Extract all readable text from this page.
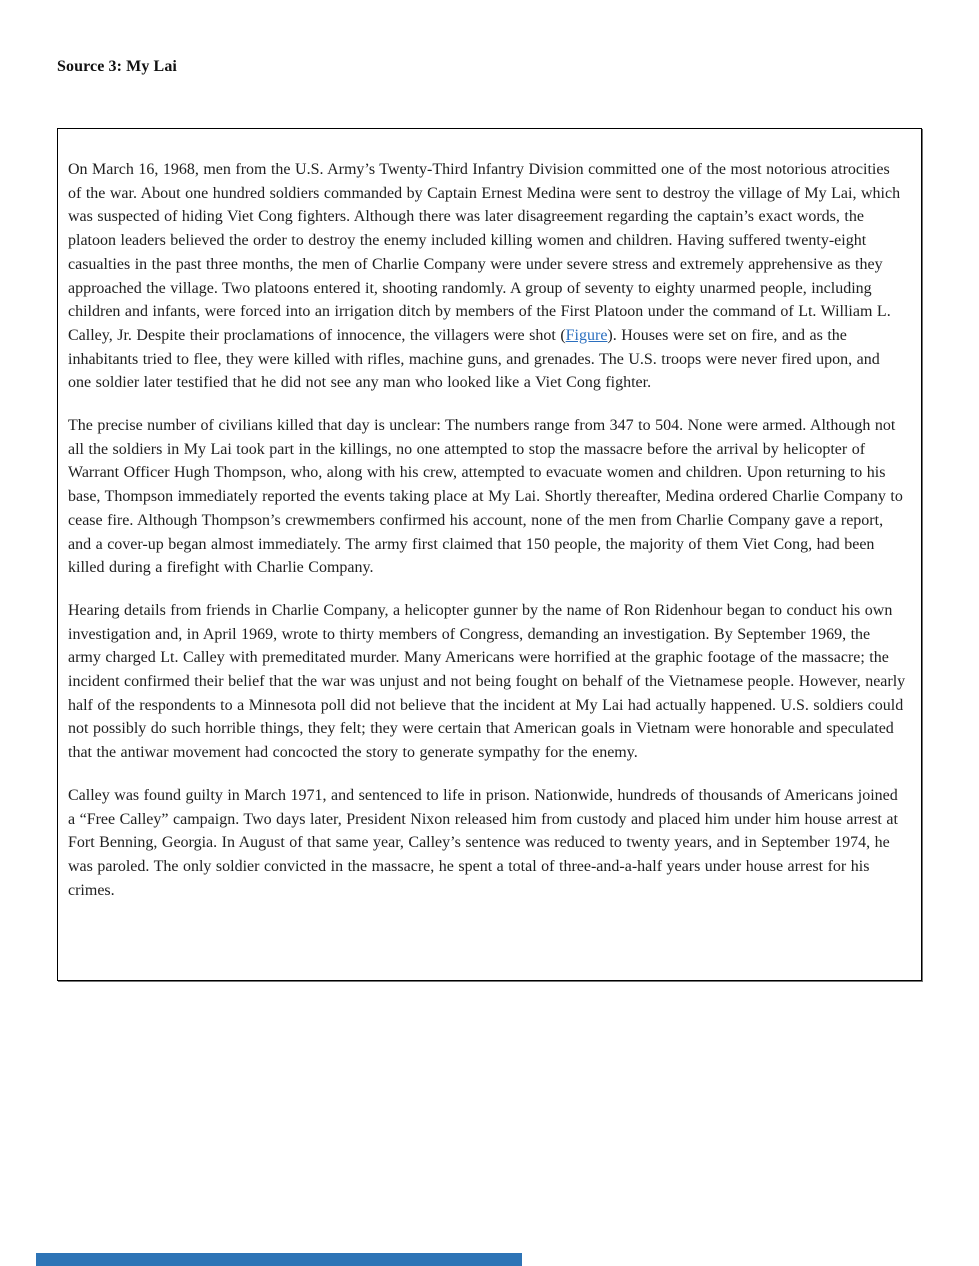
Source 3: My Lai

On March 16, 1968, men from the U.S. Army’s Twenty-Third Infantry Division committed one of the most notorious atrocities of the war. About one hundred soldiers commanded by Captain Ernest Medina were sent to destroy the village of My Lai, which was suspected of hiding Viet Cong fighters. Although there was later disagreement regarding the captain’s exact words, the platoon leaders believed the order to destroy the enemy included killing women and children. Having suffered twenty-eight casualties in the past three months, the men of Charlie Company were under severe stress and extremely apprehensive as they approached the village. Two platoons entered it, shooting randomly. A group of seventy to eighty unarmed people, including children and infants, were forced into an irrigation ditch by members of the First Platoon under the command of Lt. William L. Calley, Jr. Despite their proclamations of innocence, the villagers were shot (Figure). Houses were set on fire, and as the inhabitants tried to flee, they were killed with rifles, machine guns, and grenades. The U.S. troops were never fired upon, and one soldier later testified that he did not see any man who looked like a Viet Cong fighter.

The precise number of civilians killed that day is unclear: The numbers range from 347 to 504. None were armed. Although not all the soldiers in My Lai took part in the killings, no one attempted to stop the massacre before the arrival by helicopter of Warrant Officer Hugh Thompson, who, along with his crew, attempted to evacuate women and children. Upon returning to his base, Thompson immediately reported the events taking place at My Lai. Shortly thereafter, Medina ordered Charlie Company to cease fire. Although Thompson’s crewmembers confirmed his account, none of the men from Charlie Company gave a report, and a cover-up began almost immediately. The army first claimed that 150 people, the majority of them Viet Cong, had been killed during a firefight with Charlie Company.

Hearing details from friends in Charlie Company, a helicopter gunner by the name of Ron Ridenhour began to conduct his own investigation and, in April 1969, wrote to thirty members of Congress, demanding an investigation. By September 1969, the army charged Lt. Calley with premeditated murder. Many Americans were horrified at the graphic footage of the massacre; the incident confirmed their belief that the war was unjust and not being fought on behalf of the Vietnamese people. However, nearly half of the respondents to a Minnesota poll did not believe that the incident at My Lai had actually happened. U.S. soldiers could not possibly do such horrible things, they felt; they were certain that American goals in Vietnam were honorable and speculated that the antiwar movement had concocted the story to generate sympathy for the enemy.

Calley was found guilty in March 1971, and sentenced to life in prison. Nationwide, hundreds of thousands of Americans joined a “Free Calley” campaign. Two days later, President Nixon released him from custody and placed him under him house arrest at Fort Benning, Georgia. In August of that same year, Calley’s sentence was reduced to twenty years, and in September 1974, he was paroled. The only soldier convicted in the massacre, he spent a total of three-and-a-half years under house arrest for his crimes.
